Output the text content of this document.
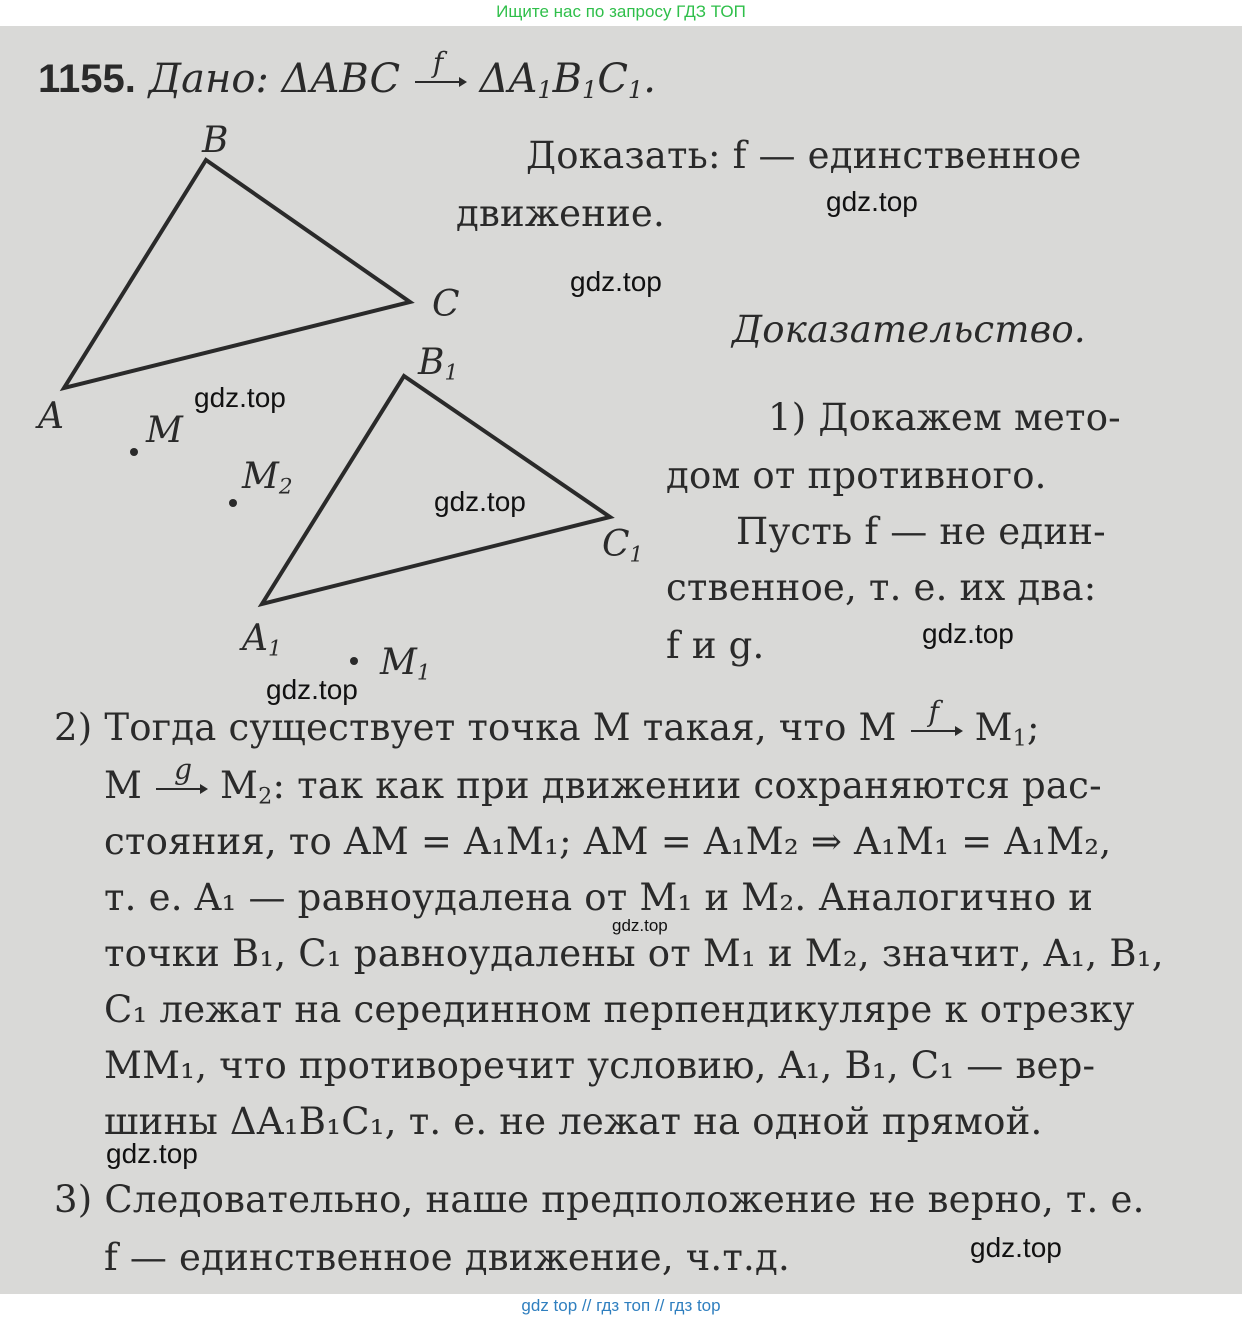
Ищите нас по запросу ГДЗ ТОП
1155. Дано: ΔABC f $\Delta A_1B_1C_1$.
B
C
A M
$B_1$
$M_2$
$C_1$
$A_1$	$M_1$
Доказать: f — единственное
движение.
Доказательство.
1) Докажем мето-
дом от противного.
Пусть f — не един-
ственное, т. е. их два:
f и g.
2) Тогда существует точка M такая, что M f $M_1$;
M g $M_2$: так как при движении сохраняются рас-
стояния, то AM = A₁M₁; AM = A₁M₂ ⇒ A₁M₁ = A₁M₂,
т. е. A₁ — равноудалена от M₁ и M₂. Аналогично и
точки B₁, C₁ равноудалены от M₁ и M₂, значит, A₁, B₁,
C₁ лежат на серединном перпендикуляре к отрезку
MM₁, что противоречит условию, A₁, B₁, C₁ — вер-
шины ΔA₁B₁C₁, т. е. не лежат на одной прямой.
3) Следовательно, наше предположение не верно, т. е.
f — единственное движение, ч.т.д.
gdz.top
gdz.top
gdz.top
gdz.top
gdz.top
gdz.top
gdz.top
gdz.top
gdz.top
gdz top // гдз топ // гдз top
